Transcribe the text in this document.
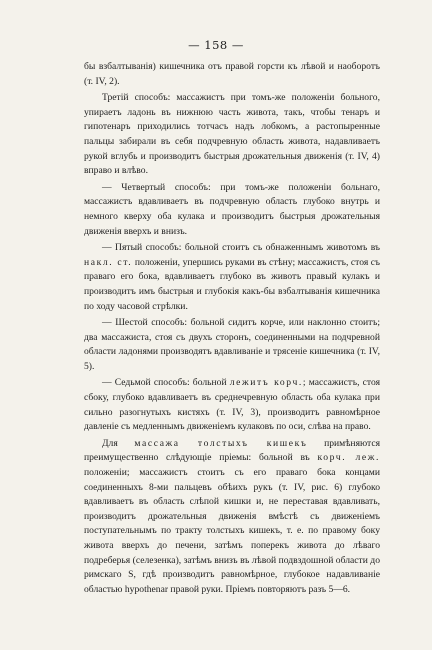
— 158 —

бы взбалтыванія) кишечника отъ правой горсти къ лѣвой и наоборотъ (т. IV, 2).

Третій способъ: массажистъ при томъ-же положеніи больного, упираетъ ладонь въ нижнюю часть живота, такъ, чтобы тенаръ и гипотенаръ приходились тотчасъ надъ лобкомъ, а растопыренные пальцы забирали въ себя подчревную область живота, надавливаетъ рукой вглубь и производитъ быстрыя дрожательныя движенія (т. IV, 4) вправо и влѣво.

— Четвертый способъ: при томъ-же положеніи больнаго, массажистъ вдавливаетъ въ подчревную область глубоко внутрь и немного кверху оба кулака и производитъ быстрыя дрожательныя движенія вверхъ и внизъ.

— Пятый способъ: больной стоитъ съ обнаженнымъ животомъ въ накл. ст. положеніи, упершись руками въ стѣну; массажистъ, стоя съ праваго его бока, вдавливаетъ глубоко въ животъ правый кулакъ и производитъ имъ быстрыя и глубокія какъ-бы взбалтыванія кишечника по ходу часовой стрѣлки.

— Шестой способъ: больной сидитъ корче, или наклонно стоитъ; два массажиста, стоя съ двухъ сторонъ, соединенными на подчревной области ладонями производятъ вдавливаніе и трясеніе кишечника (т. IV, 5).

— Седьмой способъ: больной лежитъ корч.; массажистъ, стоя сбоку, глубоко вдавливаетъ въ среднечревную область оба кулака при сильно разогнутыхъ кистяхъ (т. IV, 3), производитъ равномѣрное давленіе съ медленнымъ движеніемъ кулаковъ по оси, слѣва на право.

Для массажа толстыхъ кишекъ примѣняются преимущественно слѣдующіе пріемы: больной въ корч. леж. положеніи; массажистъ стоитъ съ его праваго бока концами соединенныхъ 8-ми пальцевъ обѣихъ рукъ (т. IV, рис. 6) глубоко вдавливаетъ въ область слѣпой кишки и, не переставая вдавливать, производитъ дрожательныя движенія вмѣстѣ съ движеніемъ поступательнымъ по тракту толстыхъ кишекъ, т. е. по правому боку живота вверхъ до печени, затѣмъ поперекъ живота до лѣваго подреберья (селезенка), затѣмъ внизъ въ лѣвой подвздошной области до римскаго S, гдѣ производитъ равномѣрное, глубокое надавливаніе областью hypothenar правой руки. Пріемъ повторяютъ разъ 5—6.
